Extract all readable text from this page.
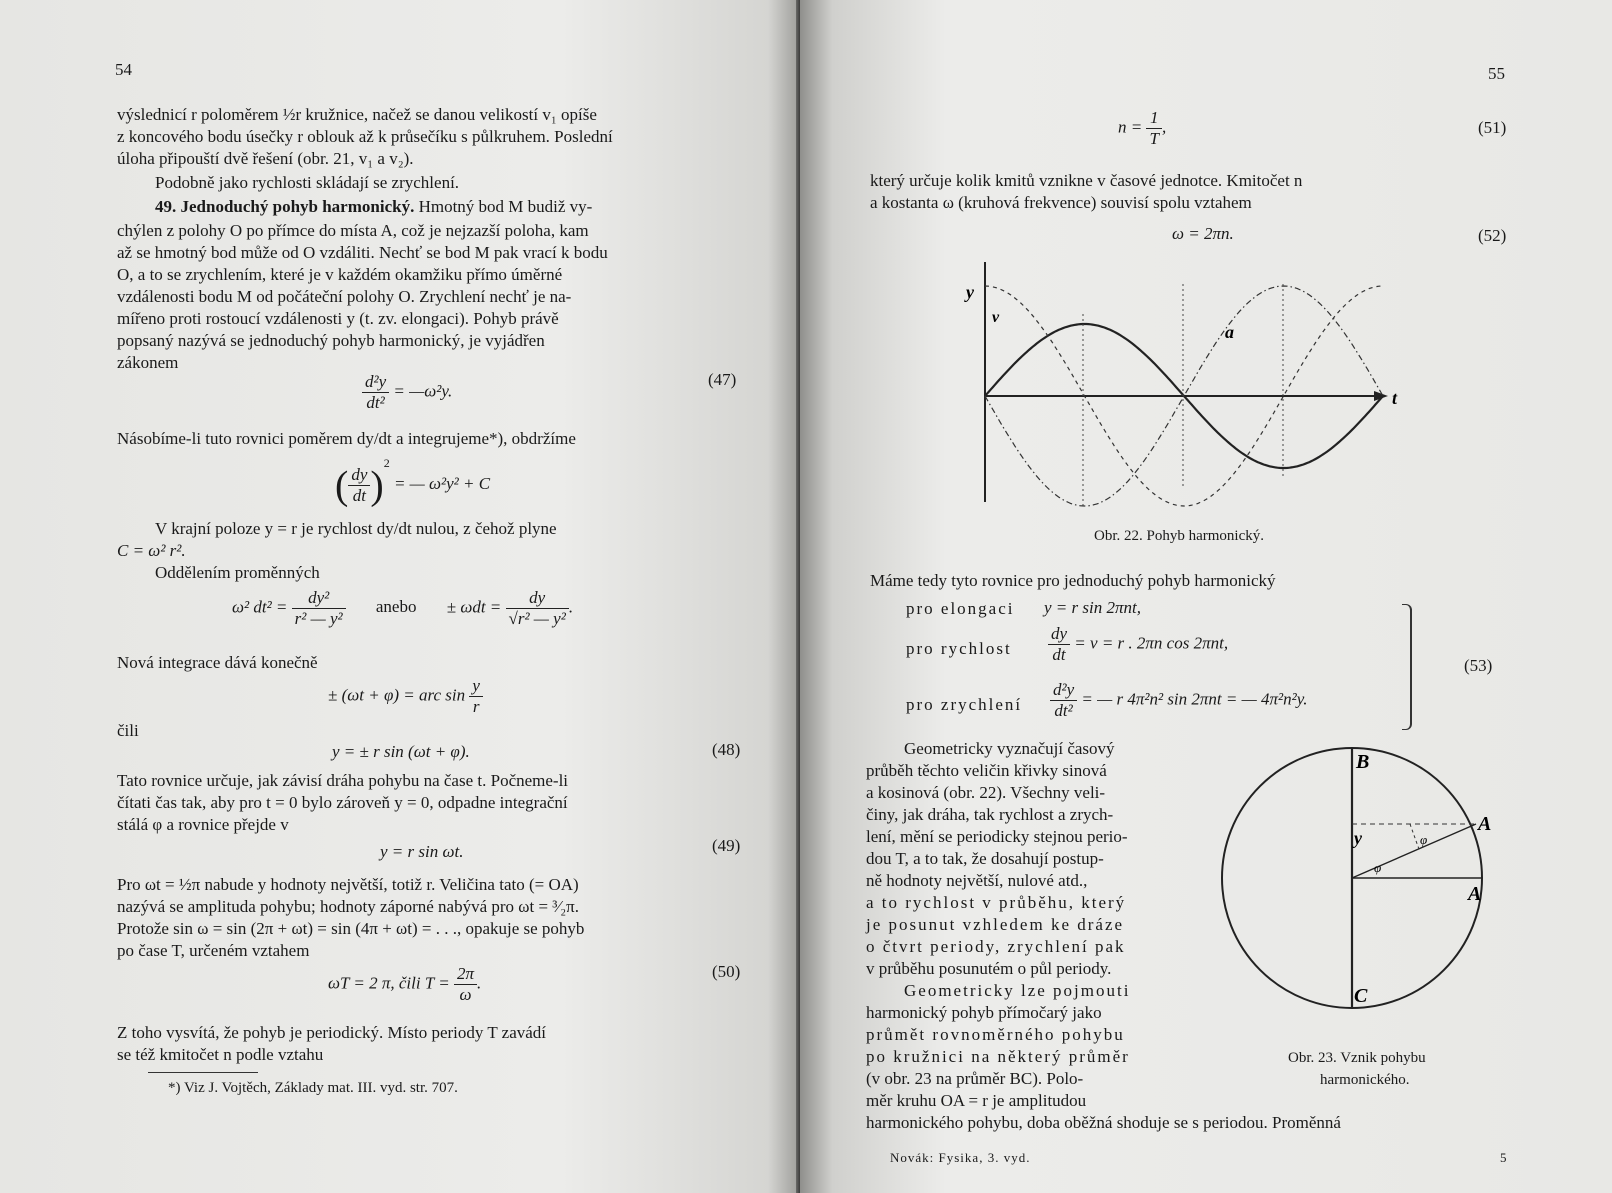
54
výslednicí r poloměrem ½r kružnice, načež se danou velikostí v₁ opíše
z koncového bodu úsečky r oblouk až k průsečíku s půlkruhem. Poslední
úloha připouští dvě řešení (obr. 21, v₁ a v₂).
Podobně jako rychlosti skládají se zrychlení.
49. Jednoduchý pohyb harmonický. Hmotný bod M budiž vy-
chýlen z polohy O po přímce do místa A, což je nejzazší poloha, kam
až se hmotný bod může od O vzdáliti. Nechť se bod M pak vrací k bodu
O, a to se zrychlením, které je v každém okamžiku přímo úměrné
vzdálenosti bodu M od počáteční polohy O. Zrychlení nechť je na-
mířeno proti rostoucí vzdálenosti y (t. zv. elongaci). Pohyb právě
popsaný nazývá se jednoduchý pohyb harmonický, je vyjádřen
zákonem
$\frac{\text{d²y}}{\text{dt²}}$ = —ω²y.
(47)
Násobíme-li tuto rovnici poměrem dy/dt a integrujeme*), obdržíme
( $\frac{dy}{dt} )^2$ = — ω²y² + C
V krajní poloze y = r je rychlost dy/dt nulou, z čehož plyne
C = ω² r².
Oddělením proměnných
ω² $dt^2 = \frac{\text{dy²}}{\text{r² — y²}}$ anebo ± $\omega dt = \frac{dy}{\text{√r² — y²}}$ .
Nová integrace dává konečně
± (ωt + φ) = arc $\sin \frac{y}{r}$
čili
y = ± r sin (ωt + φ).	(48)
Tato rovnice určuje, jak závisí dráha pohybu na čase t. Počneme-li
čítati čas tak, aby pro t = 0 bylo zároveň y = 0, odpadne integrační
stálá φ a rovnice přejde v
y = r sin ωt.	(49)
Pro ωt = ½π nabude y hodnoty největší, totiž r. Veličina tato (= OA)
nazývá se amplituda pohybu; hodnoty záporné nabývá pro ωt = ³⁄₂π.
Protože sin ω = sin (2π + ωt) = sin (4π + ωt) = . . ., opakuje se pohyb
po čase T, určeném vztahem
ωT = 2 π, čili $T = \frac{2\pi}{\omega}$ .
(50)
Z toho vysvítá, že pohyb je periodický. Místo periody T zavádí
se též kmitočet n podle vztahu
*) Viz J. Vojtěch, Základy mat. III. vyd. str. 707.
55
$n = \frac{1}{T}$ ,	(51)
který určuje kolik kmitů vznikne v časové jednotce. Kmitočet n
a kostanta ω (kruhová frekvence) souvisí spolu vztahem
ω = 2πn.	(52)
y
v
a
t
Obr. 22. Pohyb harmonický.
Máme tedy tyto rovnice pro jednoduchý pohyb harmonický
pro elongaci y = r sin 2πnt,
pro rychlost $\frac{dy}{dt} = v = r$ . 2πn cos 2πnt,
pro zrychlení $\frac{\text{d²y}}{\text{dt²}}$ = — r 4π²n² sin 2πnt = — 4π²n²y.
(53)
Geometricky vyznačují časový
průběh těchto veličin křivky sinová
a kosinová (obr. 22). Všechny veli-
činy, jak dráha, tak rychlost a zrych-
lení, mění se periodicky stejnou perio-
dou T, a to tak, že dosahují postup-
ně hodnoty největší, nulové atd.,
a to rychlost v průběhu, který
je posunut vzhledem ke dráze
o čtvrt periody, zrychlení pak
v průběhu posunutém o půl periody.
Geometricky lze pojmouti
harmonický pohyb přímočarý jako
průmět rovnoměrného pohybu
po kružnici na některý průměr
(v obr. 23 na průměr BC). Polo-
měr kruhu OA = r je amplitudou
harmonického pohybu, doba oběžná shoduje se s periodou. Proměnná
B
A
A
C
y	φ
φ
Obr. 23. Vznik pohybu
harmonického.
Novák: Fysika, 3. vyd.	5
